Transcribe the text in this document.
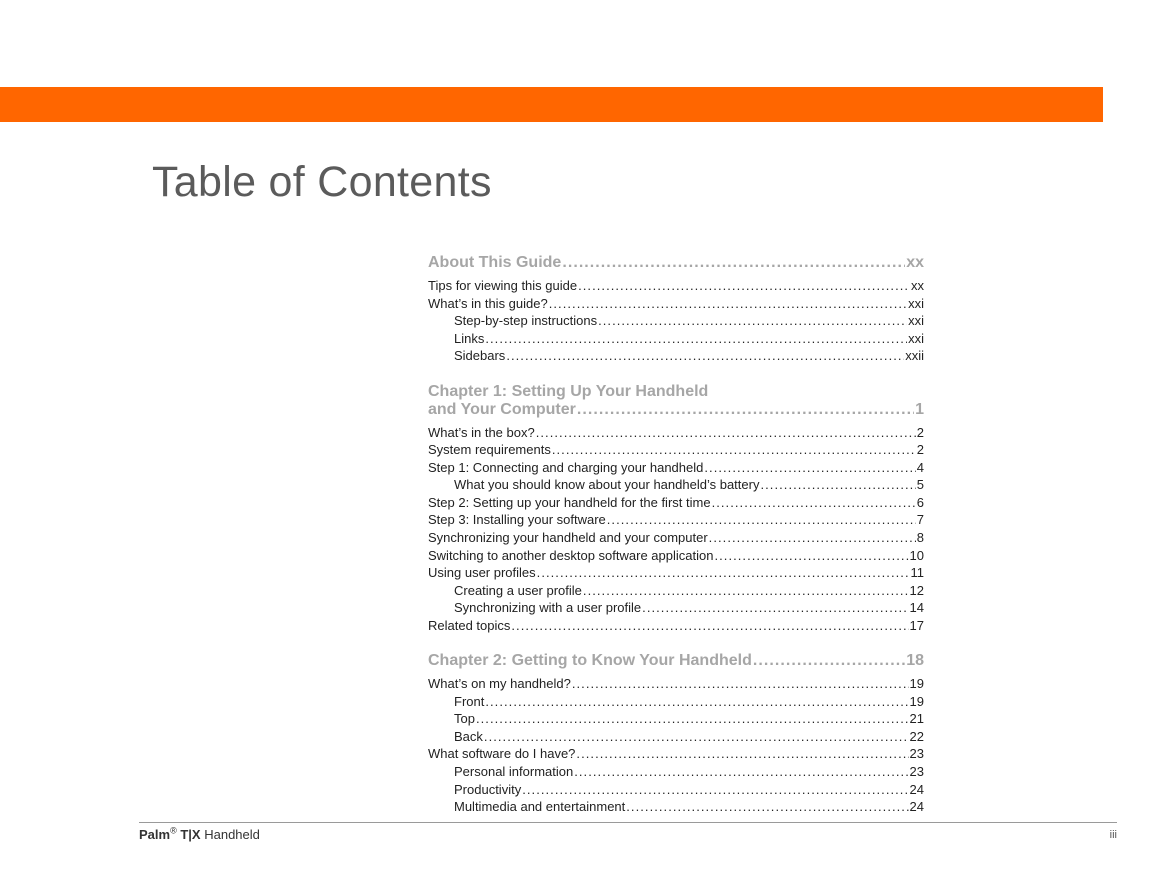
Table of Contents
About This Guide .....	xx
Tips for viewing this guide .....	xx
What’s in this guide? .....	xxi
Step-by-step instructions .....	xxi
Links .....	xxi
Sidebars .....	xxii
Chapter 1: Setting Up Your Handheld
and Your Computer .....	1
What’s in the box? .....	2
System requirements .....	2
Step 1: Connecting and charging your handheld .....	4
What you should know about your handheld’s battery .....	5
Step 2: Setting up your handheld for the first time .....	6
Step 3: Installing your software .....	7
Synchronizing your handheld and your computer .....	8
Switching to another desktop software application .....	10
Using user profiles .....	11
Creating a user profile .....	12
Synchronizing with a user profile .....	14
Related topics .....	17
Chapter 2: Getting to Know Your Handheld .....	18
What’s on my handheld? .....	19
Front .....	19
Top .....	21
Back .....	22
What software do I have? .....	23
Personal information .....	23
Productivity .....	24
Multimedia and entertainment .....	24
Palm® T|X Handheld	iii
